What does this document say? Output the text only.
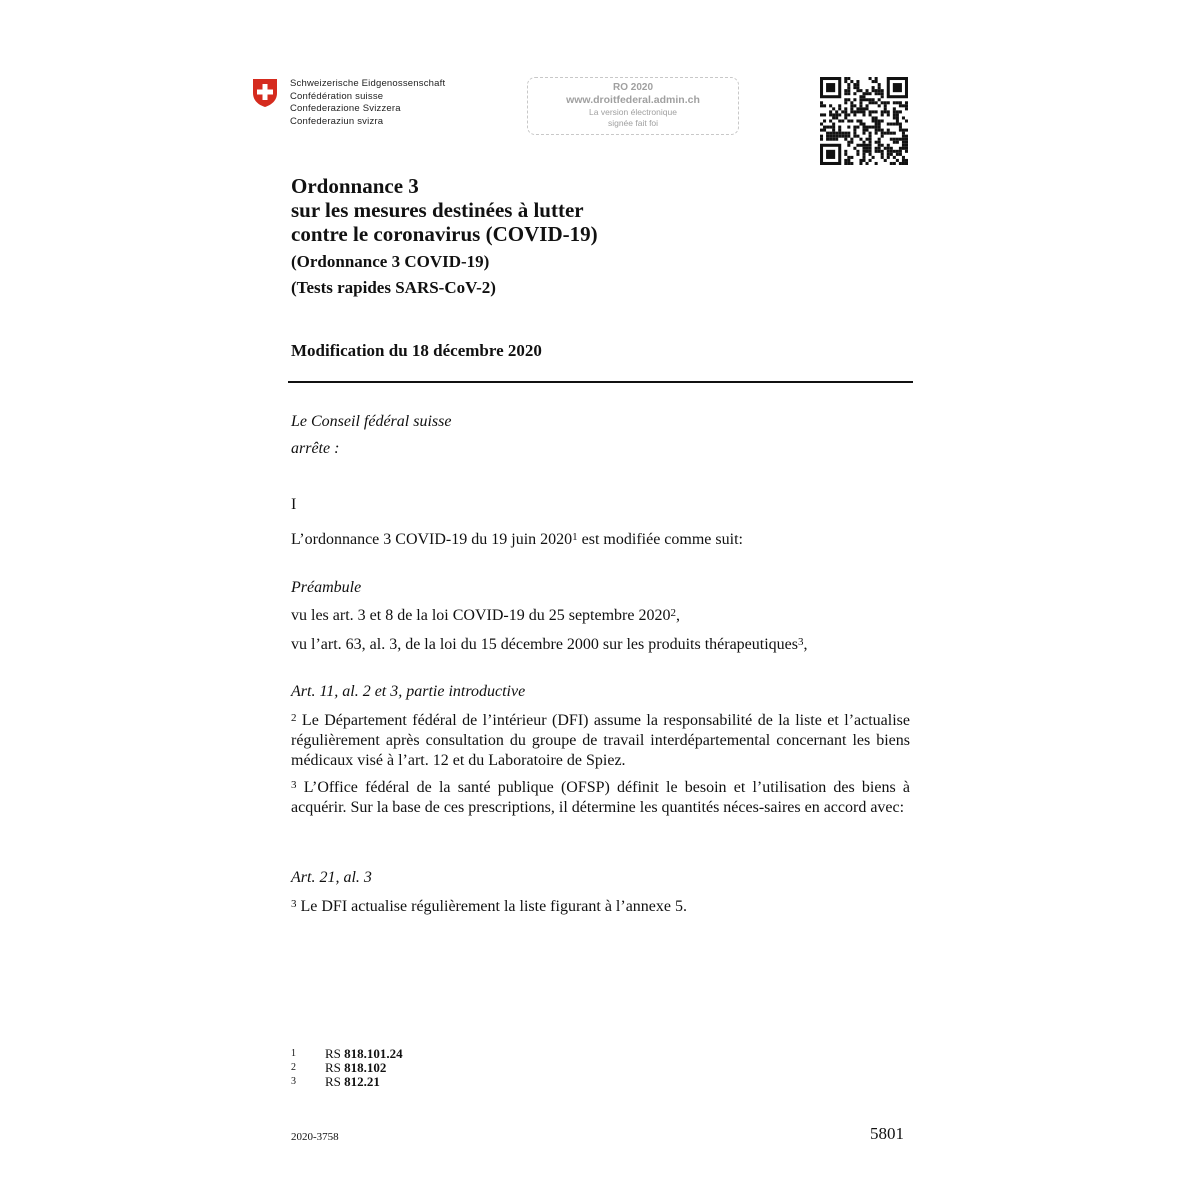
Schweizerische Eidgenossenschaft
Confédération suisse
Confederazione Svizzera
Confederaziun svizra
RO 2020
www.droitfederal.admin.ch
La version électronique
signée fait foi
Ordonnance 3
sur les mesures destinées à lutter
contre le coronavirus (COVID-19)
(Ordonnance 3 COVID-19)
(Tests rapides SARS-CoV-2)
Modification du 18 décembre 2020
Le Conseil fédéral suisse
arrête :
I
L’ordonnance 3 COVID-19 du 19 juin 2020$^1$ est modifiée comme suit:
Préambule
vu les art. 3 et 8 de la loi COVID-19 du 25 septembre 2020$^2$,
vu l’art. 63, al. 3, de la loi du 15 décembre 2000 sur les produits thérapeutiques$^3$,
Art. 11, al. 2 et 3, partie introductive
$^2$ Le Département fédéral de l’intérieur (DFI) assume la responsabilité de la liste et l’actualise régulièrement après consultation du groupe de travail interdépartemental concernant les biens médicaux visé à l’art. 12 et du Laboratoire de Spiez.
$^3$ L’Office fédéral de la santé publique (OFSP) définit le besoin et l’utilisation des biens à acquérir. Sur la base de ces prescriptions, il détermine les quantités néces-saires en accord avec:
Art. 21, al. 3
$^3$ Le DFI actualise régulièrement la liste figurant à l’annexe 5.
1	RS 818.101.24
2	RS 818.102
3	RS 812.21
2020-3758	5801
